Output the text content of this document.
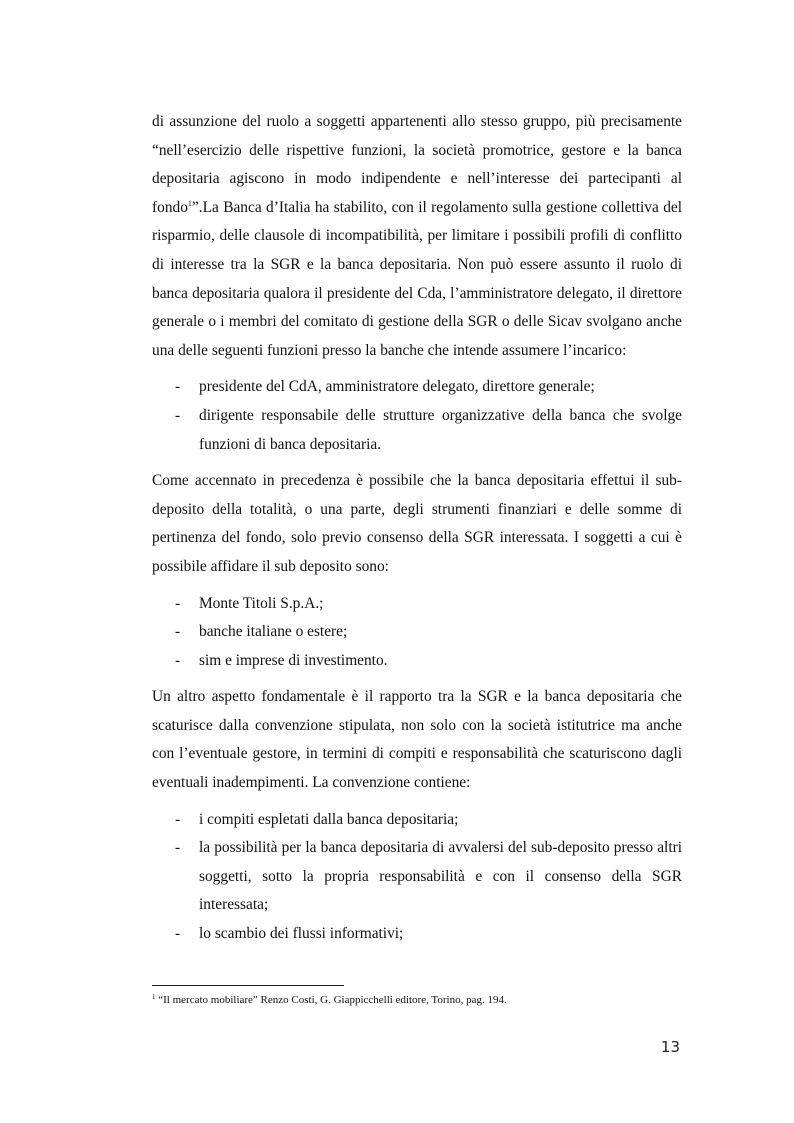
di assunzione del ruolo a soggetti appartenenti allo stesso gruppo, più precisamente “nell’esercizio delle rispettive funzioni, la società promotrice, gestore e la banca depositaria agiscono in modo indipendente e nell’interesse dei partecipanti al fondo$^1$”.La Banca d’Italia ha stabilito, con il regolamento sulla gestione collettiva del risparmio, delle clausole di incompatibilità, per limitare i possibili profili di conflitto di interesse tra la SGR e la banca depositaria. Non può essere assunto il ruolo di banca depositaria qualora il presidente del Cda, l’amministratore delegato, il direttore generale o i membri del comitato di gestione della SGR o delle Sicav svolgano anche una delle seguenti funzioni presso la banche che intende assumere l’incarico:

- presidente del CdA, amministratore delegato, direttore generale;
- dirigente responsabile delle strutture organizzative della banca che svolge funzioni di banca depositaria.

Come accennato in precedenza è possibile che la banca depositaria effettui il sub-deposito della totalità, o una parte, degli strumenti finanziari e delle somme di pertinenza del fondo, solo previo consenso della SGR interessata. I soggetti a cui è possibile affidare il sub deposito sono:

- Monte Titoli S.p.A.;
- banche italiane o estere;
- sim e imprese di investimento.

Un altro aspetto fondamentale è il rapporto tra la SGR e la banca depositaria che scaturisce dalla convenzione stipulata, non solo con la società istitutrice ma anche con l’eventuale gestore, in termini di compiti e responsabilità che scaturiscono dagli eventuali inadempimenti. La convenzione contiene:

- i compiti espletati dalla banca depositaria;
- la possibilità per la banca depositaria di avvalersi del sub-deposito presso altri soggetti, sotto la propria responsabilità e con il consenso della SGR interessata;
- lo scambio dei flussi informativi;
$^1$ “Il mercato mobiliare” Renzo Costi, G. Giappicchelli editore, Torino, pag. 194.
13
